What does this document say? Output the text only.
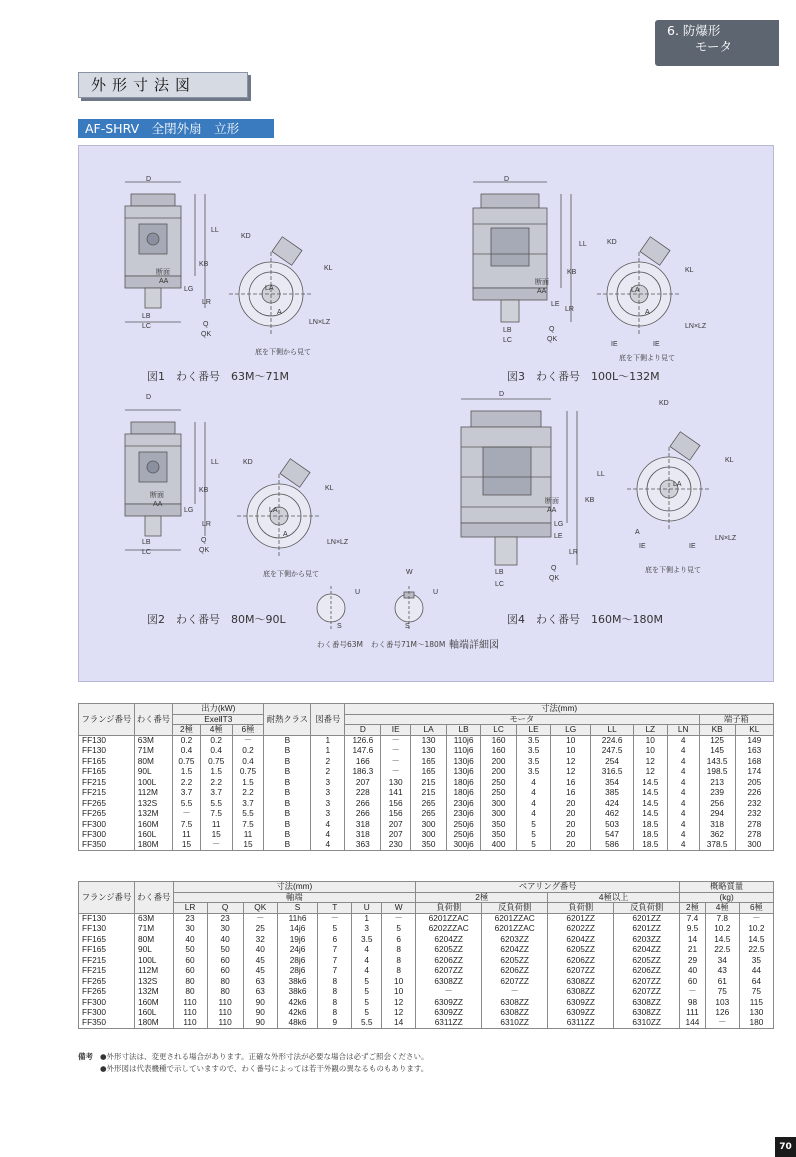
6. 防爆形
モータ
外形寸法図
AF-SHRV　全閉外扇　立形
D
LL
KB
断面
AA
LG
LR
LB
LC	Q
QK
KD
KL
LA
A
LN×LZ
底を下側から見て
D
LL
KB
断面
AA
LE
LR
LB
LC
Q
QK
KD
KL
LA
A
LN×LZ
IE	IE
底を下側より見て
D
LL
KB
断面
AA
LG
LR
LB
LC
Q
QK
KD
KL
LA
A
LN×LZ
底を下側から見て
D
LL
KB
断面
AA
LG
LE
LR
LB
LC
Q
QK
KD
KL
LA
A
LN×LZ
IE	IE
底を下側より見て
W
U	U
S	S
図1　わく番号　63M～71M	図3　わく番号　100L～132M
図2　わく番号　80M～90L	図4　わく番号　160M～180M
わく番号63M わく番号71M～180M 軸端詳細図
フランジ番号	わく番号	出力(kW)			耐熱クラス	図番号	寸法(mm)											
		ExeⅡT3					モータ										端子箱	
		2極	4極	6極			D	IE	LA	LB	LC	LE	LG	LL	LZ	LN	KB	KL
FF130	63M	0.2	0.2	－	B	1	126.6	－	130	110j6	160	3.5	10	224.6	10	4	125	149
FF130	71M	0.4	0.4	0.2	B	1	147.6	－	130	110j6	160	3.5	10	247.5	10	4	145	163
FF165	80M	0.75	0.75	0.4	B	2	166	－	165	130j6	200	3.5	12	254	12	4	143.5	168
FF165	90L	1.5	1.5	0.75	B	2	186.3	－	165	130j6	200	3.5	12	316.5	12	4	198.5	174
FF215	100L	2.2	2.2	1.5	B	3	207	130	215	180j6	250	4	16	354	14.5	4	213	205
FF215	112M	3.7	3.7	2.2	B	3	228	141	215	180j6	250	4	16	385	14.5	4	239	226
FF265	132S	5.5	5.5	3.7	B	3	266	156	265	230j6	300	4	20	424	14.5	4	256	232
FF265	132M	－	7.5	5.5	B	3	266	156	265	230j6	300	4	20	462	14.5	4	294	232
FF300	160M	7.5	11	7.5	B	4	318	207	300	250j6	350	5	20	503	18.5	4	318	278
FF300	160L	11	15	11	B	4	318	207	300	250j6	350	5	20	547	18.5	4	362	278
FF350	180M	15	－	15	B	4	363	230	350	300j6	400	5	20	586	18.5	4	378.5	300
フランジ番号	わく番号	寸法(mm)							ベアリング番号				概略質量		
		軸端							2極		4極以上		(kg)		
		LR	Q	QK	S	T	U	W	負荷側	反負荷側	負荷側	反負荷側	2極	4極	6極
FF130	63M	23	23	－	11h6	－	1	－	6201ZZAC	6201ZZAC	6201ZZ	6201ZZ	7.4	7.8	－
FF130	71M	30	30	25	14j6	5	3	5	6202ZZAC	6201ZZAC	6202ZZ	6201ZZ	9.5	10.2	10.2
FF165	80M	40	40	32	19j6	6	3.5	6	6204ZZ	6203ZZ	6204ZZ	6203ZZ	14	14.5	14.5
FF165	90L	50	50	40	24j6	7	4	8	6205ZZ	6204ZZ	6205ZZ	6204ZZ	21	22.5	22.5
FF215	100L	60	60	45	28j6	7	4	8	6206ZZ	6205ZZ	6206ZZ	6205ZZ	29	34	35
FF215	112M	60	60	45	28j6	7	4	8	6207ZZ	6206ZZ	6207ZZ	6206ZZ	40	43	44
FF265	132S	80	80	63	38k6	8	5	10	6308ZZ	6207ZZ	6308ZZ	6207ZZ	60	61	64
FF265	132M	80	80	63	38k6	8	5	10	－	－	6308ZZ	6207ZZ	－	75	75
FF300	160M	110	110	90	42k6	8	5	12	6309ZZ	6308ZZ	6309ZZ	6308ZZ	98	103	115
FF300	160L	110	110	90	42k6	8	5	12	6309ZZ	6308ZZ	6309ZZ	6308ZZ	111	126	130
FF350	180M	110	110	90	48k6	9	5.5	14	6311ZZ	6310ZZ	6311ZZ	6310ZZ	144	－	180
備考 ●外形寸法は、変更される場合があります。正確な外形寸法が必要な場合は必ずご照会ください。
●外形図は代表機種で示していますので、わく番号によっては若干外観の異なるものもあります。
70
